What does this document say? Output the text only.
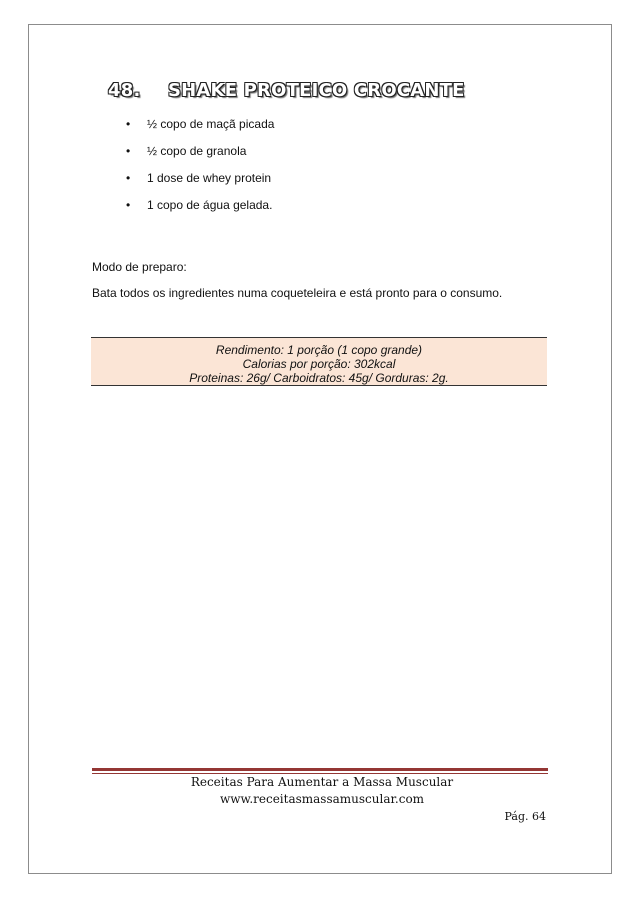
48. SHAKE PROTEICO CROCANTE
• ½ copo de maçã picada
• ½ copo de granola
• 1 dose de whey protein
• 1 copo de água gelada.
Modo de preparo:
Bata todos os ingredientes numa coqueteleira e está pronto para o consumo.
Rendimento: 1 porção (1 copo grande)
Calorias por porção: 302kcal
Proteinas: 26g/ Carboidratos: 45g/ Gorduras: 2g.
Receitas Para Aumentar a Massa Muscular
www.receitasmassamuscular.com
Pág. 64
